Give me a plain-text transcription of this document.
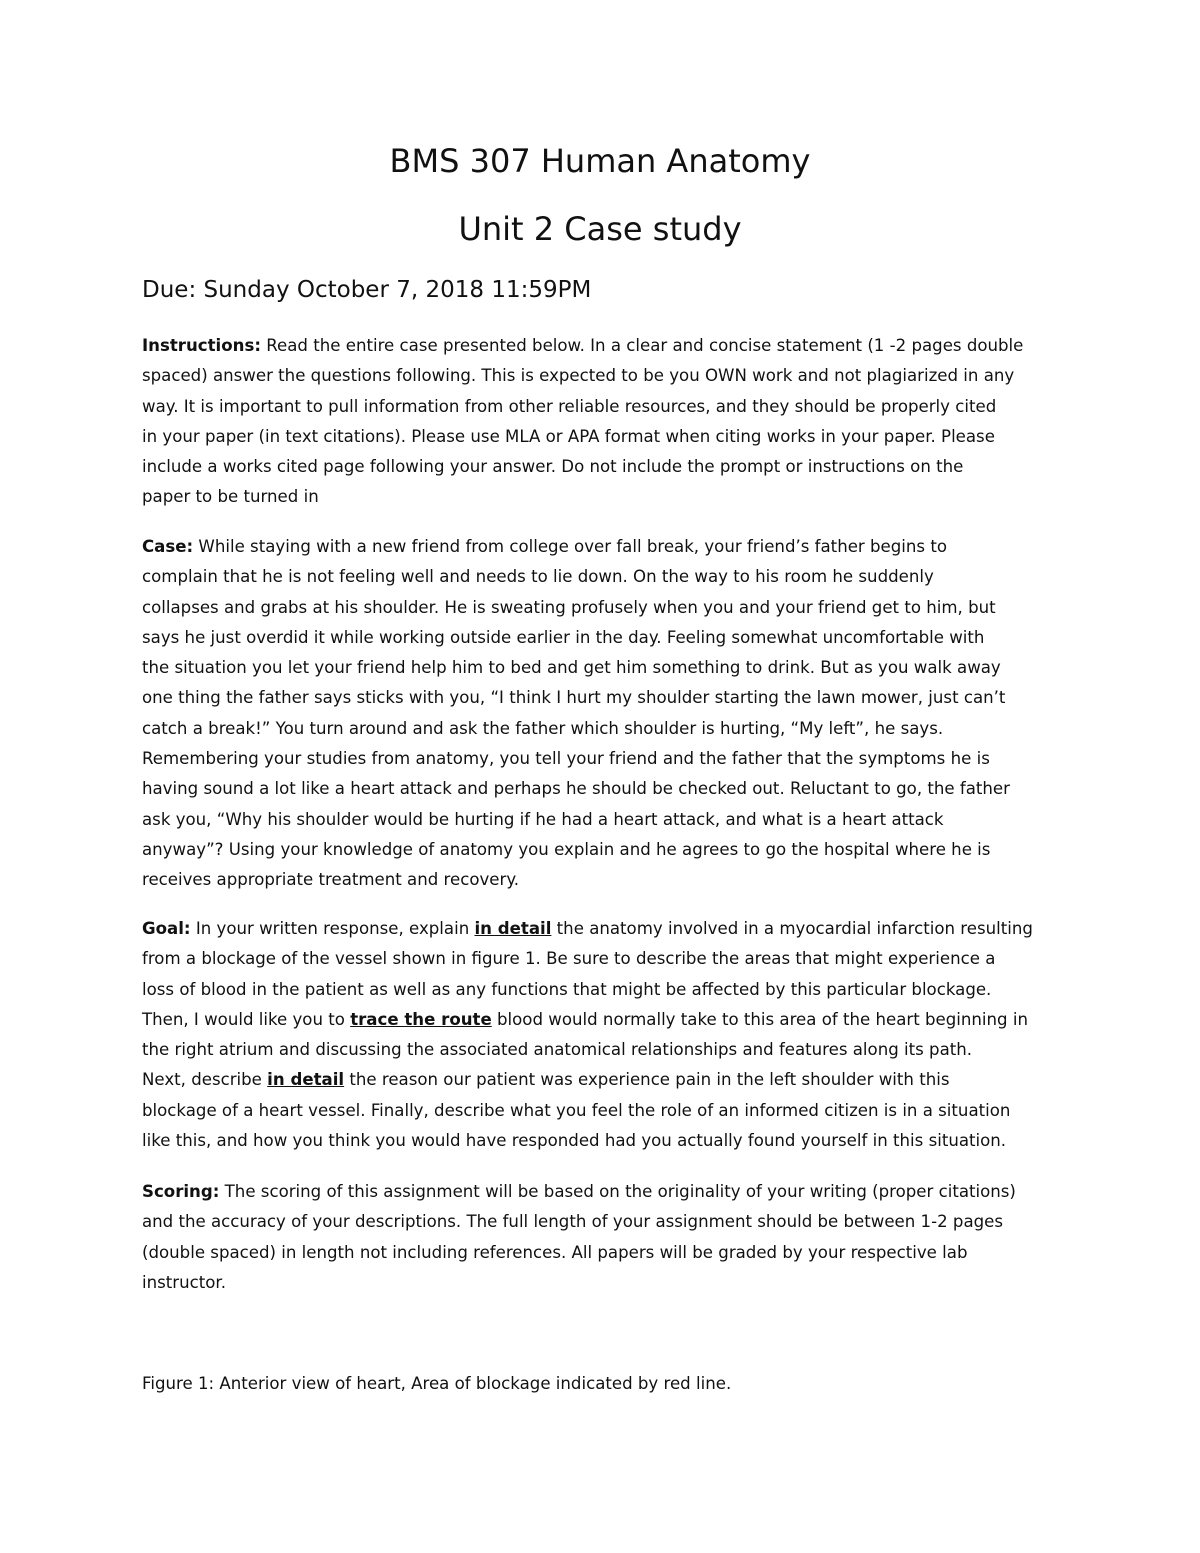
BMS 307 Human Anatomy
Unit 2 Case study

Due: Sunday October 7, 2018 11:59PM

Instructions: Read the entire case presented below. In a clear and concise statement (1 -2 pages double
spaced) answer the questions following. This is expected to be you OWN work and not plagiarized in any
way. It is important to pull information from other reliable resources, and they should be properly cited
in your paper (in text citations). Please use MLA or APA format when citing works in your paper. Please
include a works cited page following your answer. Do not include the prompt or instructions on the
paper to be turned in
Case: While staying with a new friend from college over fall break, your friend’s father begins to
complain that he is not feeling well and needs to lie down. On the way to his room he suddenly
collapses and grabs at his shoulder. He is sweating profusely when you and your friend get to him, but
says he just overdid it while working outside earlier in the day. Feeling somewhat uncomfortable with
the situation you let your friend help him to bed and get him something to drink. But as you walk away
one thing the father says sticks with you, “I think I hurt my shoulder starting the lawn mower, just can’t
catch a break!” You turn around and ask the father which shoulder is hurting, “My left”, he says.
Remembering your studies from anatomy, you tell your friend and the father that the symptoms he is
having sound a lot like a heart attack and perhaps he should be checked out. Reluctant to go, the father
ask you, “Why his shoulder would be hurting if he had a heart attack, and what is a heart attack
anyway”? Using your knowledge of anatomy you explain and he agrees to go the hospital where he is
receives appropriate treatment and recovery.
Goal: In your written response, explain in detail the anatomy involved in a myocardial infarction resulting
from a blockage of the vessel shown in figure 1. Be sure to describe the areas that might experience a
loss of blood in the patient as well as any functions that might be affected by this particular blockage.
Then, I would like you to trace the route blood would normally take to this area of the heart beginning in
the right atrium and discussing the associated anatomical relationships and features along its path.
Next, describe in detail the reason our patient was experience pain in the left shoulder with this
blockage of a heart vessel. Finally, describe what you feel the role of an informed citizen is in a situation
like this, and how you think you would have responded had you actually found yourself in this situation.
Scoring: The scoring of this assignment will be based on the originality of your writing (proper citations)
and the accuracy of your descriptions. The full length of your assignment should be between 1-2 pages
(double spaced) in length not including references. All papers will be graded by your respective lab
instructor.
Figure 1: Anterior view of heart, Area of blockage indicated by red line.
